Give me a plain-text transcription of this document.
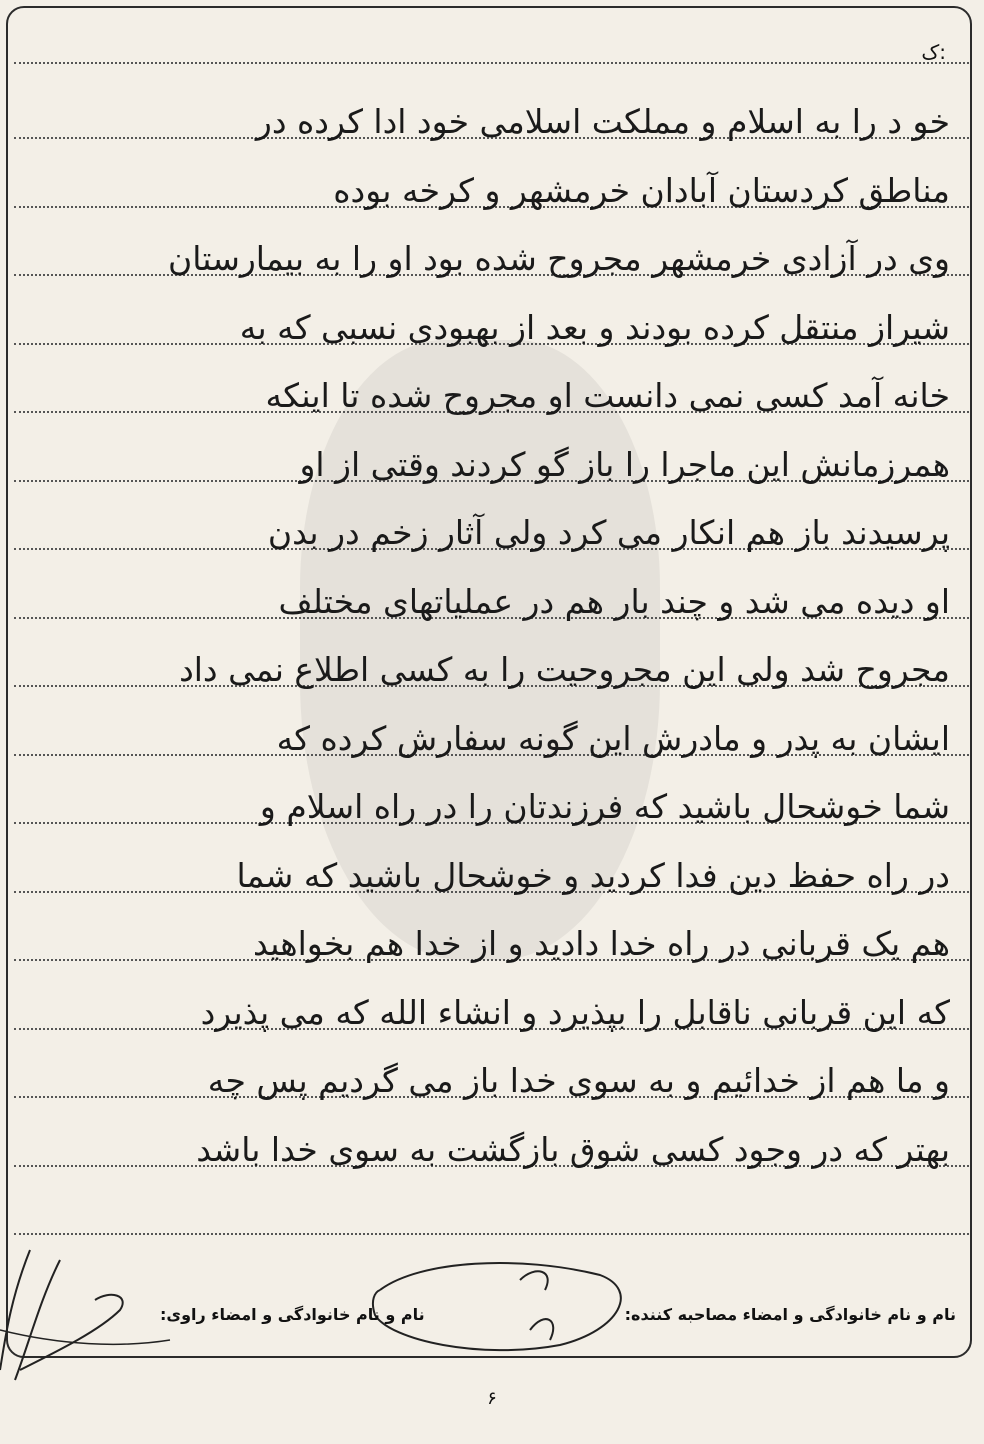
ک:
خو د را به اسلام و مملکت اسلامی خود ادا کرده در
مناطق کردستان آبادان خرمشهر و کرخه بوده
وی در آزادی خرمشهر مجروح شده بود او را به بیمارستان
شیراز منتقل کرده بودند و بعد از بهبودی نسبی که به
خانه آمد کسی نمی دانست او مجروح شده تا اینکه
همرزمانش این ماجرا را باز گو کردند وقتی از او
پرسیدند باز هم انکار می کرد ولی آثار زخم در بدن
او دیده می شد و چند بار هم در عملیاتهای مختلف
مجروح شد ولی این مجروحیت را به کسی اطلاع نمی داد
ایشان به پدر و مادرش این گونه سفارش کرده که
شما خوشحال باشید که فرزندتان را در راه اسلام و
در راه حفظ دین فدا کردید و خوشحال باشید که شما
هم یک قربانی در راه خدا دادید و از خدا هم بخواهید
که این قربانی ناقابل را بپذیرد و انشاء الله که می پذیرد
و ما هم از خدائیم و به سوی خدا باز می گردیم پس چه
بهتر که در وجود کسی شوق بازگشت به سوی خدا باشد
نام و نام خانوادگی و امضاء مصاحبه کننده:
نام و نام خانوادگی و امضاء راوی:
۶
